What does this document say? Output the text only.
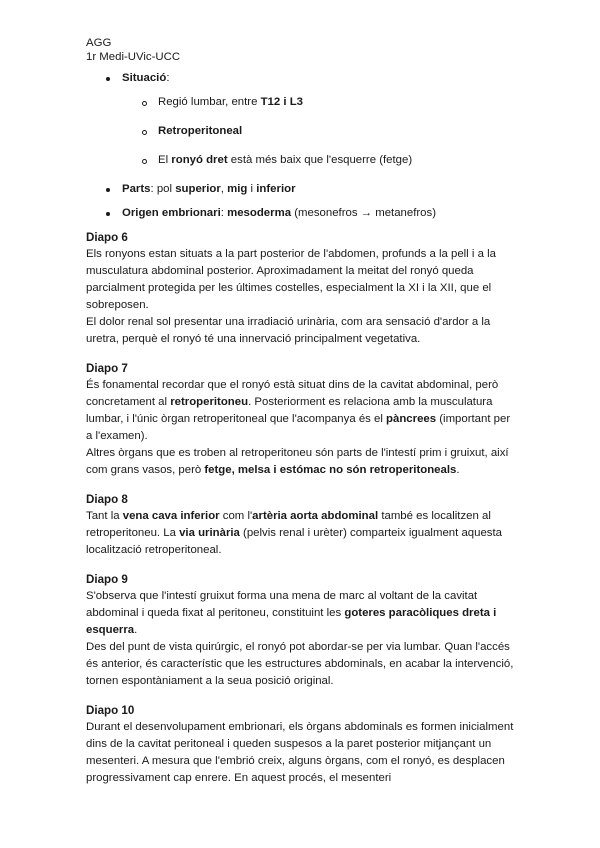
AGG
1r Medi-UVic-UCC
Situació:
Regió lumbar, entre T12 i L3
Retroperitoneal
El ronyó dret està més baix que l'esquerre (fetge)
Parts: pol superior, mig i inferior
Origen embrionari: mesoderma (mesonefros → metanefros)
Diapo 6

Els ronyons estan situats a la part posterior de l'abdomen, profunds a la pell i a la musculatura abdominal posterior. Aproximadament la meitat del ronyó queda parcialment protegida per les últimes costelles, especialment la XI i la XII, que el sobreposen.

El dolor renal sol presentar una irradiació urinària, com ara sensació d'ardor a la uretra, perquè el ronyó té una innervació principalment vegetativa.

Diapo 7

És fonamental recordar que el ronyó està situat dins de la cavitat abdominal, però concretament al retroperitoneu. Posteriorment es relaciona amb la musculatura lumbar, i l'únic òrgan retroperitoneal que l'acompanya és el pàncrees (important per a l'examen).

Altres òrgans que es troben al retroperitoneu són parts de l'intestí prim i gruixut, així com grans vasos, però fetge, melsa i estómac no són retroperitoneals.

Diapo 8

Tant la vena cava inferior com l'artèria aorta abdominal també es localitzen al retroperitoneu. La via urinària (pelvis renal i urèter) comparteix igualment aquesta localització retroperitoneal.

Diapo 9

S'observa que l'intestí gruixut forma una mena de marc al voltant de la cavitat abdominal i queda fixat al peritoneu, constituint les goteres paracòliques dreta i esquerra.

Des del punt de vista quirúrgic, el ronyó pot abordar-se per via lumbar. Quan l'accés és anterior, és característic que les estructures abdominals, en acabar la intervenció, tornen espontàniament a la seua posició original.

Diapo 10

Durant el desenvolupament embrionari, els òrgans abdominals es formen inicialment dins de la cavitat peritoneal i queden suspesos a la paret posterior mitjançant un mesenteri. A mesura que l'embrió creix, alguns òrgans, com el ronyó, es desplacen progressivament cap enrere. En aquest procés, el mesenteri
